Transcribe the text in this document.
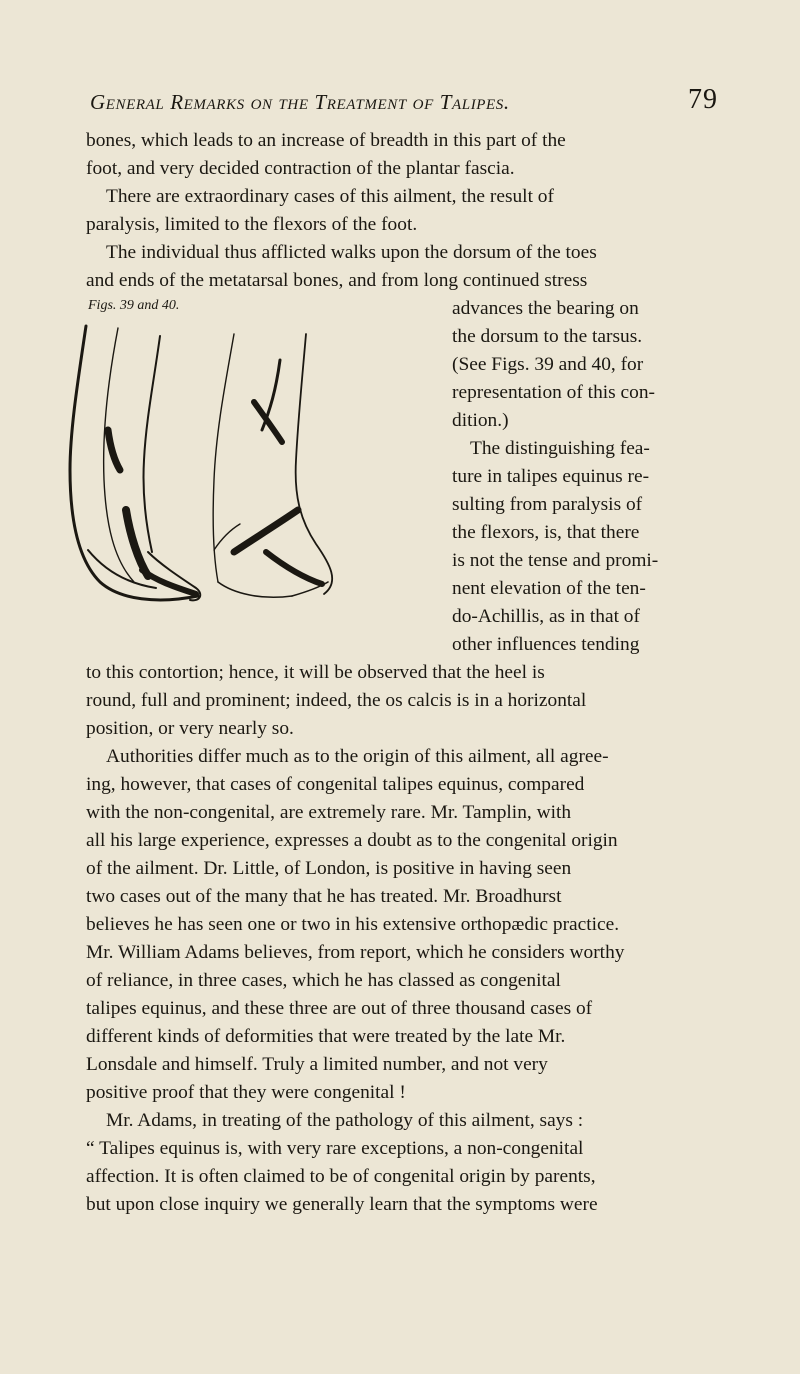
General Remarks on the Treatment of Talipes.	79
Figs. 39 and 40.
bones, which leads to an increase of breadth in this part of the
foot, and very decided contraction of the plantar fascia.
There are extraordinary cases of this ailment, the result of
paralysis, limited to the flexors of the foot.
The individual thus afflicted walks upon the dorsum of the toes
and ends of the metatarsal bones, and from long continued stress
advances the bearing on
the dorsum to the tarsus.
(See Figs. 39 and 40, for
representation of this con-
dition.)
The distinguishing fea-
ture in talipes equinus re-
sulting from paralysis of
the flexors, is, that there
is not the tense and promi-
nent elevation of the ten-
do-Achillis, as in that of
other influences tending
to this contortion; hence, it will be observed that the heel is
round, full and prominent; indeed, the os calcis is in a horizontal
position, or very nearly so.
Authorities differ much as to the origin of this ailment, all agree-
ing, however, that cases of congenital talipes equinus, compared
with the non-congenital, are extremely rare. Mr. Tamplin, with
all his large experience, expresses a doubt as to the congenital origin
of the ailment. Dr. Little, of London, is positive in having seen
two cases out of the many that he has treated. Mr. Broadhurst
believes he has seen one or two in his extensive orthopædic practice.
Mr. William Adams believes, from report, which he considers worthy
of reliance, in three cases, which he has classed as congenital
talipes equinus, and these three are out of three thousand cases of
different kinds of deformities that were treated by the late Mr.
Lonsdale and himself. Truly a limited number, and not very
positive proof that they were congenital !
Mr. Adams, in treating of the pathology of this ailment, says :
“ Talipes equinus is, with very rare exceptions, a non-congenital
affection. It is often claimed to be of congenital origin by parents,
but upon close inquiry we generally learn that the symptoms were
